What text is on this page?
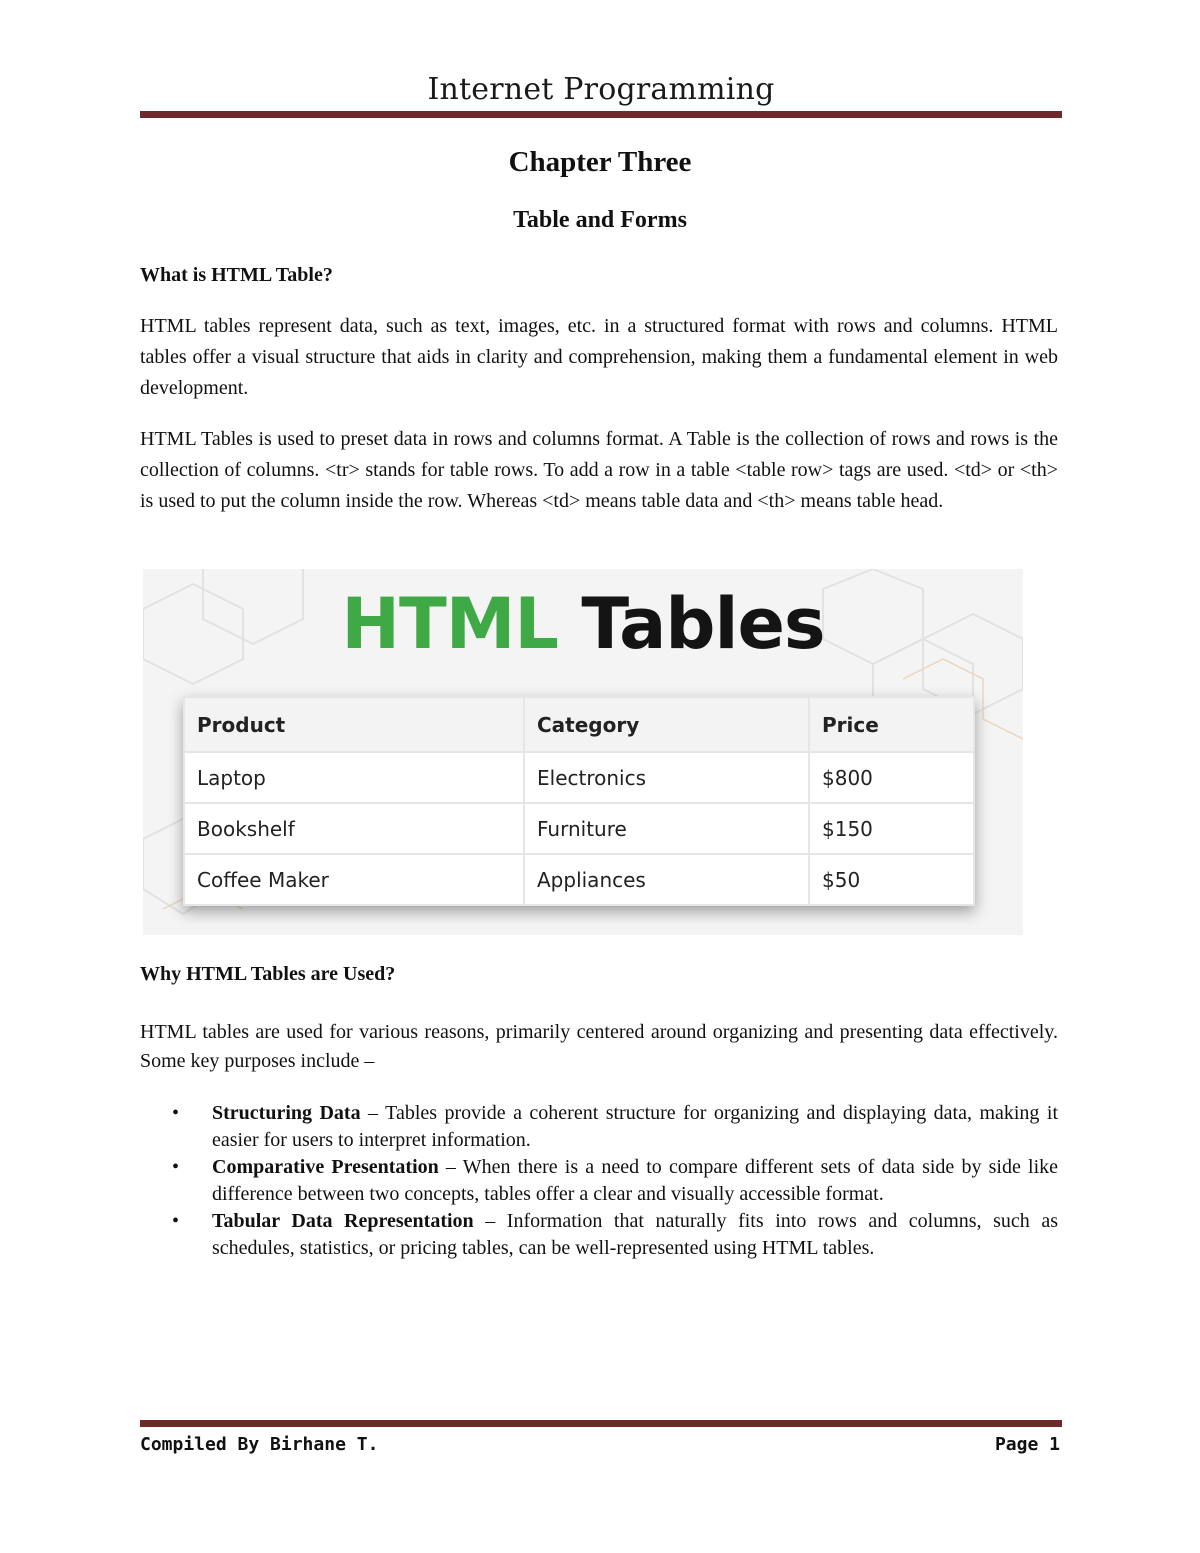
Internet Programming
Chapter Three
Table and Forms
What is HTML Table?
HTML tables represent data, such as text, images, etc. in a structured format with rows and columns. HTML tables offer a visual structure that aids in clarity and comprehension, making them a fundamental element in web development.
HTML Tables is used to preset data in rows and columns format. A Table is the collection of rows and rows is the collection of columns. <tr> stands for table rows. To add a row in a table <table row> tags are used. <td> or <th> is used to put the column inside the row. Whereas <td> means table data and <th> means table head.
HTML Tables
Product	Category	Price
Laptop	Electronics	$800
Bookshelf	Furniture	$150
Coffee Maker	Appliances	$50
Why HTML Tables are Used?
HTML tables are used for various reasons, primarily centered around organizing and presenting data effectively. Some key purposes include –
• Structuring Data – Tables provide a coherent structure for organizing and displaying data, making it easier for users to interpret information.
• Comparative Presentation – When there is a need to compare different sets of data side by side like difference between two concepts, tables offer a clear and visually accessible format.
• Tabular Data Representation – Information that naturally fits into rows and columns, such as schedules, statistics, or pricing tables, can be well-represented using HTML tables.
Compiled By Birhane T.	Page 1
